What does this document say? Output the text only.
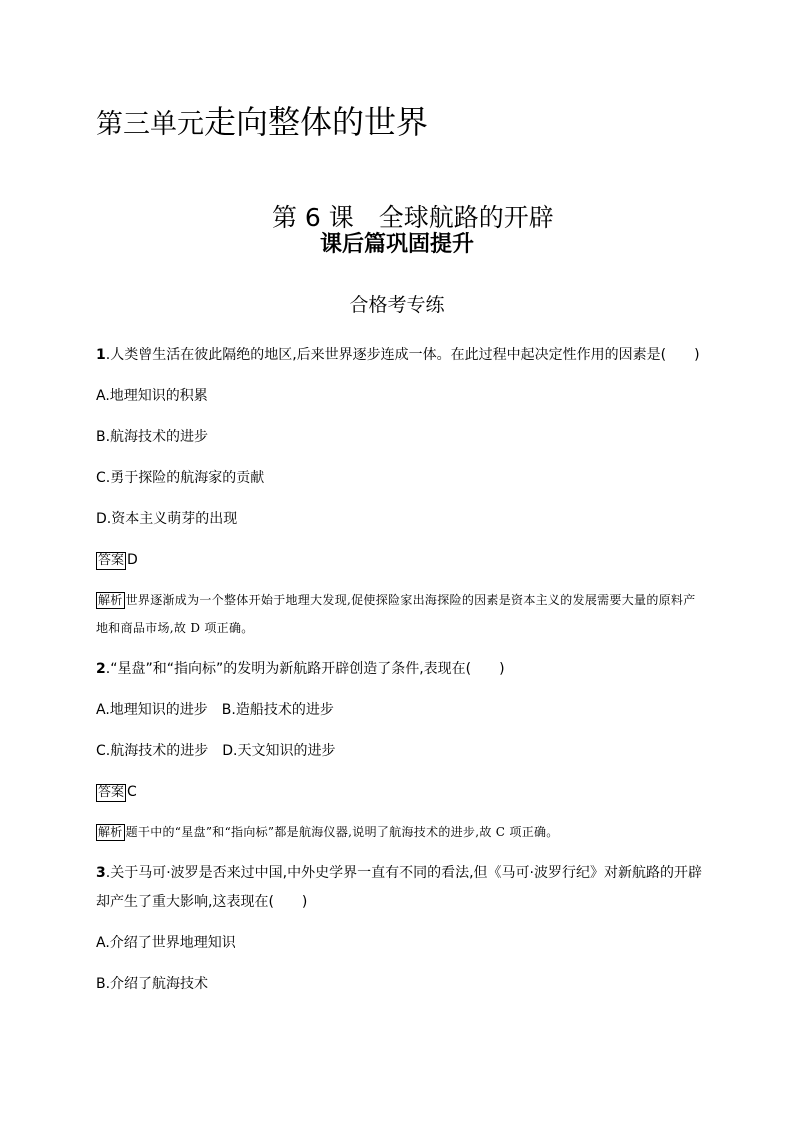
第三单元走向整体的世界

第 6 课　全球航路的开辟

课后篇巩固提升
合格考专练
1.人类曾生活在彼此隔绝的地区,后来世界逐步连成一体。在此过程中起决定性作用的因素是(　　)
A.地理知识的积累
B.航海技术的进步
C.勇于探险的航海家的贡献
D.资本主义萌芽的出现
答案 D
解析 世界逐渐成为一个整体开始于地理大发现,促使探险家出海探险的因素是资本主义的发展需要大量的原料产地和商品市场,故 D 项正确。
2.“星盘”和“指向标”的发明为新航路开辟创造了条件,表现在(　　)
A.地理知识的进步　B.造船技术的进步
C.航海技术的进步　D.天文知识的进步
答案 C
解析 题干中的“星盘”和“指向标”都是航海仪器,说明了航海技术的进步,故 C 项正确。
3.关于马可·波罗是否来过中国,中外史学界一直有不同的看法,但《马可·波罗行纪》对新航路的开辟
却产生了重大影响,这表现在(　　)
A.介绍了世界地理知识
B.介绍了航海技术
